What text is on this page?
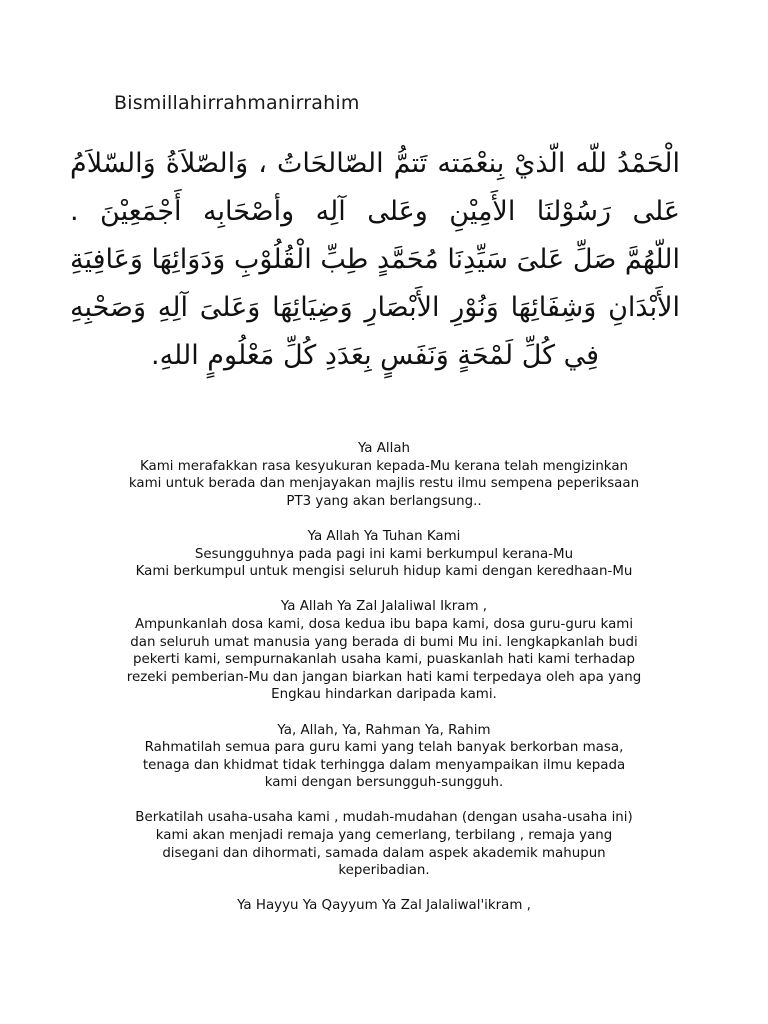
Bismillahirrahmanirrahim
الْحَمْدُ للّه الّذيْ بِنعْمَته تَتمُّ الصّالحَاتُ ، وَالصّلاَةُ وَالسّلاَمُ
عَلى رَسُوْلنَا الأَمِيْنِ وعَلى آلِه وأصْحَابِه أَجْمَعِيْنَ .
اللّهُمَّ صَلِّ عَلىَ سَيِّدِنَا مُحَمَّدٍ طِبِّ الْقُلُوْبِ وَدَوَائِهَا وَعَافِيَةِ
الأَبْدَانِ وَشِفَائِهَا وَنُوْرِ الأَبْصَارِ وَضِيَائِهَا وَعَلىَ آلِهِ وَصَحْبِهِ
فِي كُلِّ لَمْحَةٍ وَنَفَسٍ بِعَدَدِ كُلِّ مَعْلُومٍ اللهِ.
Ya Allah
Kami merafakkan rasa kesyukuran kepada-Mu kerana telah mengizinkan
kami untuk berada dan menjayakan majlis restu ilmu sempena peperiksaan
PT3 yang akan berlangsung..
Ya Allah Ya Tuhan Kami
Sesungguhnya pada pagi ini kami berkumpul kerana-Mu
Kami berkumpul untuk mengisi seluruh hidup kami dengan keredhaan-Mu
Ya Allah Ya Zal Jalaliwal Ikram ,
Ampunkanlah dosa kami, dosa kedua ibu bapa kami, dosa guru-guru kami
dan seluruh umat manusia yang berada di bumi Mu ini. lengkapkanlah budi
pekerti kami, sempurnakanlah usaha kami, puaskanlah hati kami terhadap
rezeki pemberian-Mu dan jangan biarkan hati kami terpedaya oleh apa yang
Engkau hindarkan daripada kami.
Ya, Allah, Ya, Rahman Ya, Rahim
Rahmatilah semua para guru kami yang telah banyak berkorban masa,
tenaga dan khidmat tidak terhingga dalam menyampaikan ilmu kepada
kami dengan bersungguh-sungguh.
Berkatilah usaha-usaha kami , mudah-mudahan (dengan usaha-usaha ini)
kami akan menjadi remaja yang cemerlang, terbilang , remaja yang
disegani dan dihormati, samada dalam aspek akademik mahupun
keperibadian.
Ya Hayyu Ya Qayyum Ya Zal Jalaliwal'ikram ,
